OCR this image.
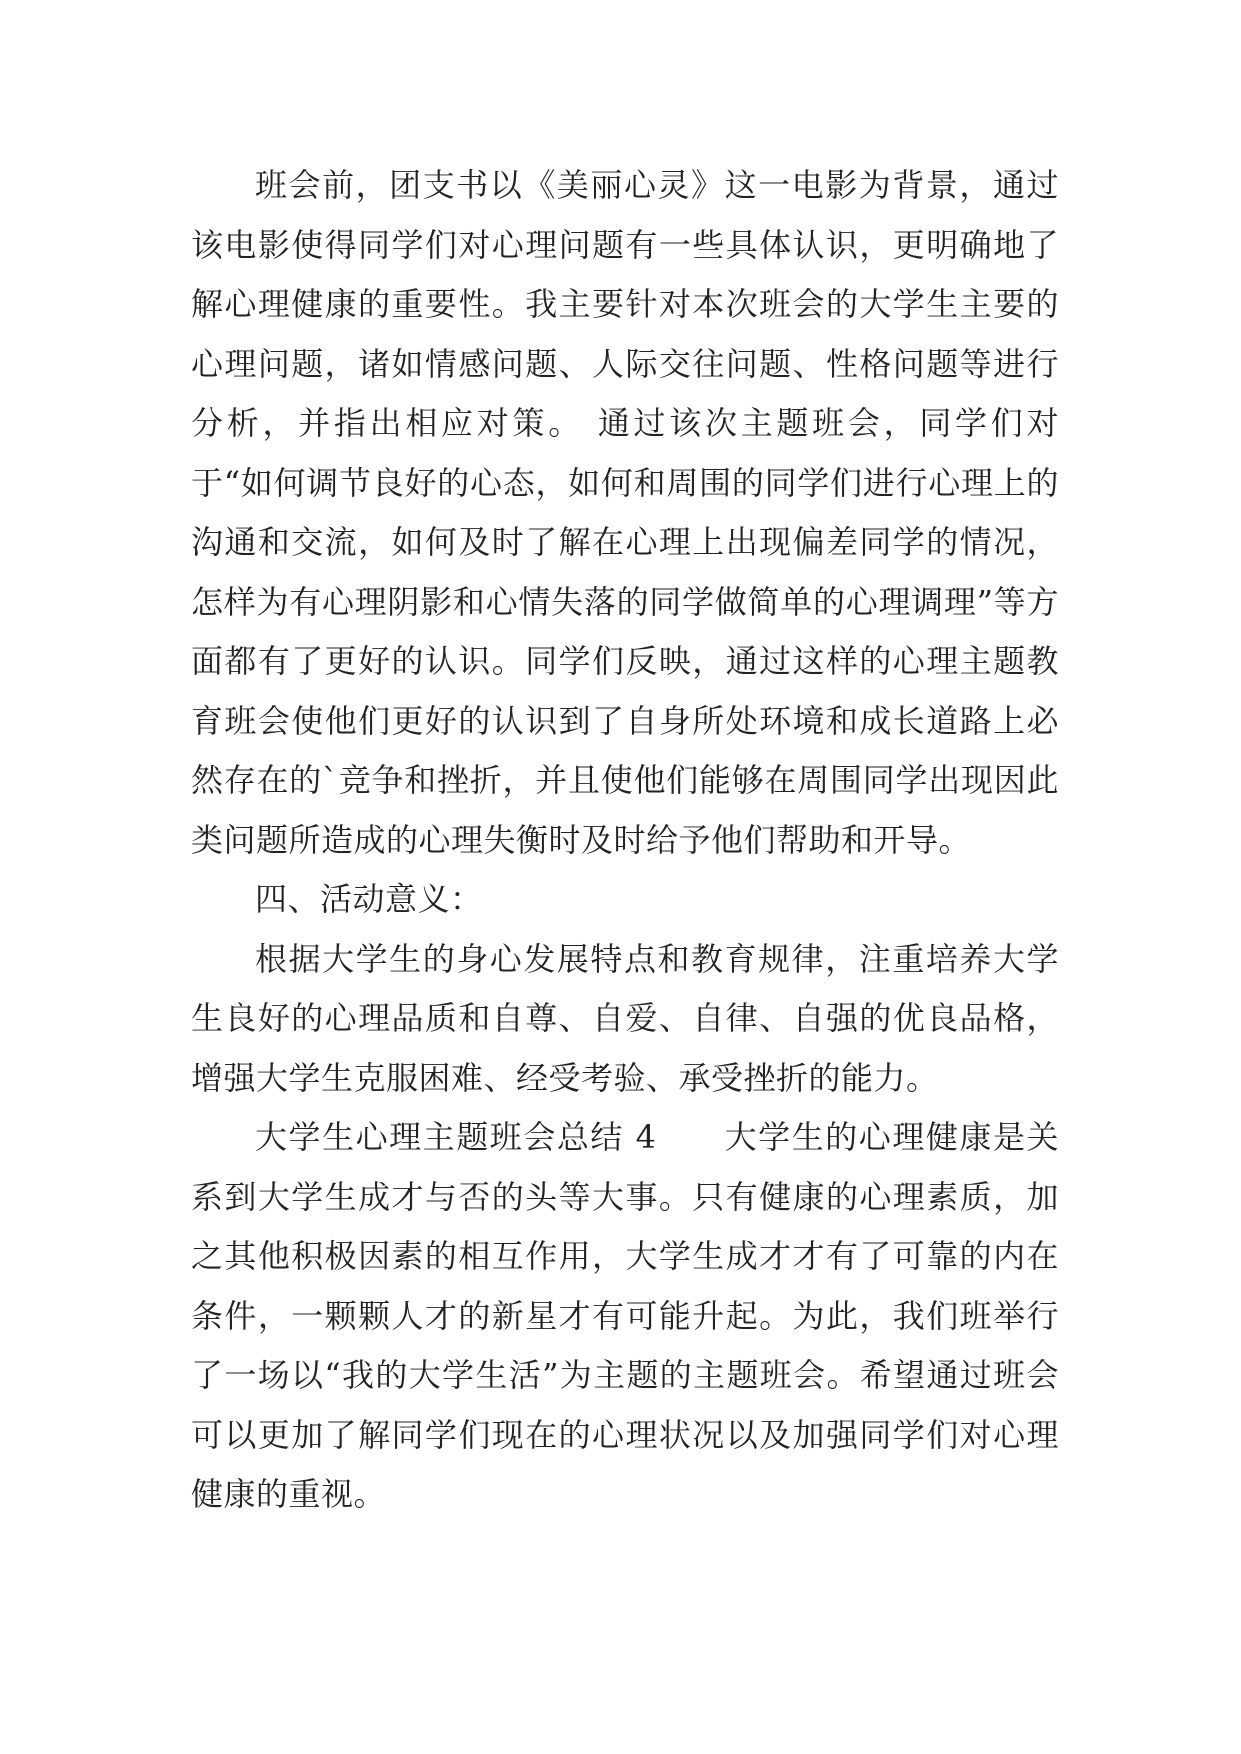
班会前，团支书以《美丽心灵》这一电影为背景，通过该电影使得同学们对心理问题有一些具体认识，更明确地了解心理健康的重要性。我主要针对本次班会的大学生主要的心理问题，诸如情感问题、人际交往问题、性格问题等进行分析，并指出相应对策。 通过该次主题班会，同学们对于“如何调节良好的心态，如何和周围的同学们进行心理上的沟通和交流，如何及时了解在心理上出现偏差同学的情况，怎样为有心理阴影和心情失落的同学做简单的心理调理”等方面都有了更好的认识。同学们反映，通过这样的心理主题教育班会使他们更好的认识到了自身所处环境和成长道路上必然存在的`竞争和挫折，并且使他们能够在周围同学出现因此类问题所造成的心理失衡时及时给予他们帮助和开导。

四、活动意义：

根据大学生的身心发展特点和教育规律，注重培养大学生良好的心理品质和自尊、自爱、自律、自强的优良品格，增强大学生克服困难、经受考验、承受挫折的能力。

大学生心理主题班会总结 4　　大学生的心理健康是关系到大学生成才与否的头等大事。只有健康的心理素质，加之其他积极因素的相互作用，大学生成才才有了可靠的内在条件，一颗颗人才的新星才有可能升起。为此，我们班举行了一场以“我的大学生活”为主题的主题班会。希望通过班会可以更加了解同学们现在的心理状况以及加强同学们对心理健康的重视。
